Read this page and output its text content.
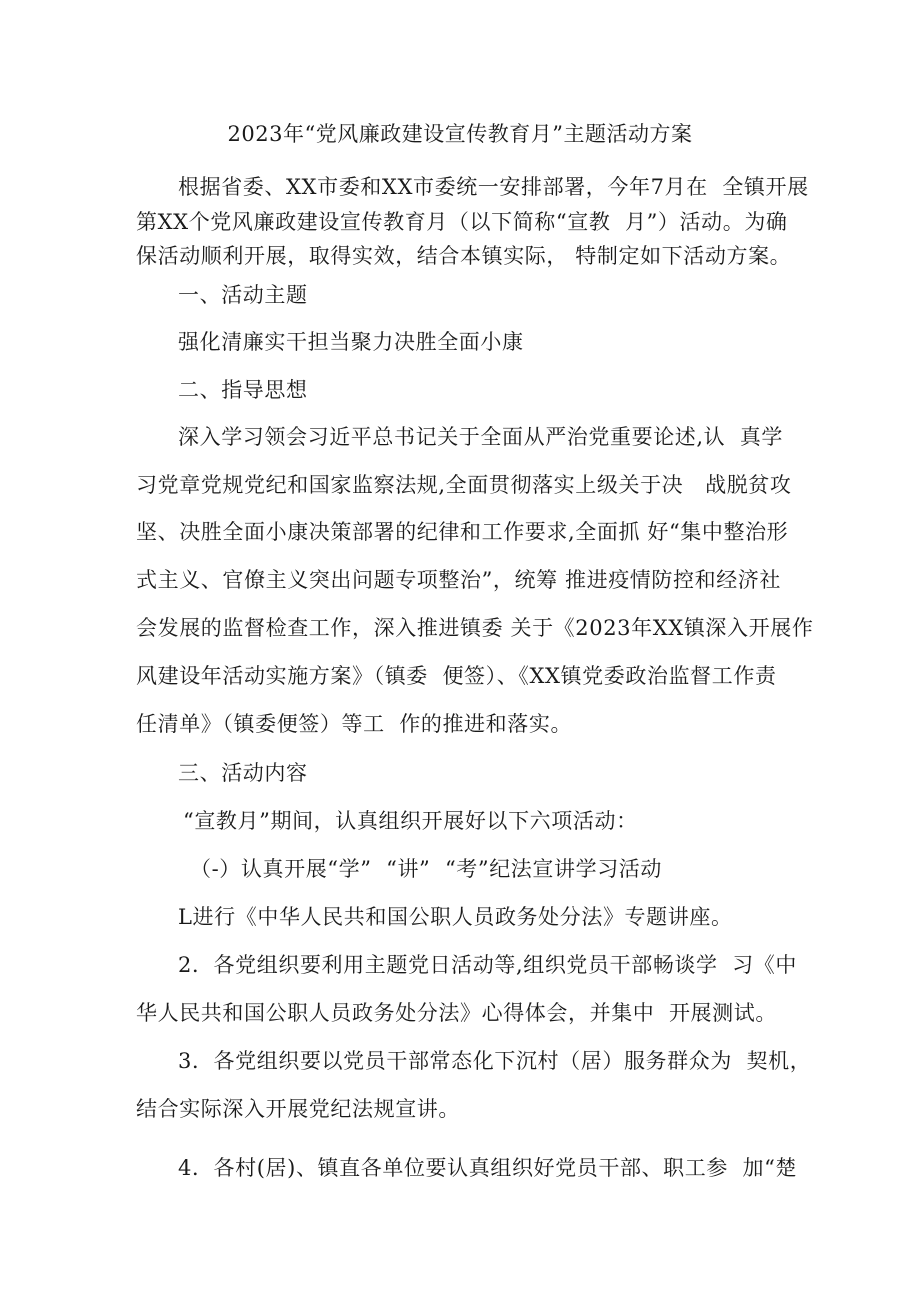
2023年“党风廉政建设宣传教育月”主题活动方案
根据省委、XX市委和XX市委统一安排部署，今年7月在  全镇开展
第XX个党风廉政建设宣传教育月（以下简称“宣教  月”）活动。为确
保活动顺利开展，取得实效，结合本镇实际， 特制定如下活动方案。
一、活动主题
强化清廉实干担当聚力决胜全面小康
二、指导思想
深入学习领会习近平总书记关于全面从严治党重要论述,认  真学
习党章党规党纪和国家监察法规,全面贯彻落实上级关于决   战脱贫攻
坚、决胜全面小康决策部署的纪律和工作要求,全面抓 好“集中整治形
式主义、官僚主义突出问题专项整治”，统筹 推进疫情防控和经济社
会发展的监督检查工作，深入推进镇委 关于《2023年XX镇深入开展作
风建设年活动实施方案》（镇委  便签）、《XX镇党委政治监督工作责
任清单》（镇委便签）等工  作的推进和落实。
三、活动内容
“宣教月”期间，认真组织开展好以下六项活动：
（-）认真开展“学”  “讲”  “考”纪法宣讲学习活动
L进行《中华人民共和国公职人员政务处分法》专题讲座。
2．各党组织要利用主题党日活动等,组织党员干部畅谈学  习《中
华人民共和国公职人员政务处分法》心得体会，并集中  开展测试。
3．各党组织要以党员干部常态化下沉村（居）服务群众为  契机，
结合实际深入开展党纪法规宣讲。
4．各村(居)、镇直各单位要认真组织好党员干部、职工参  加“楚
